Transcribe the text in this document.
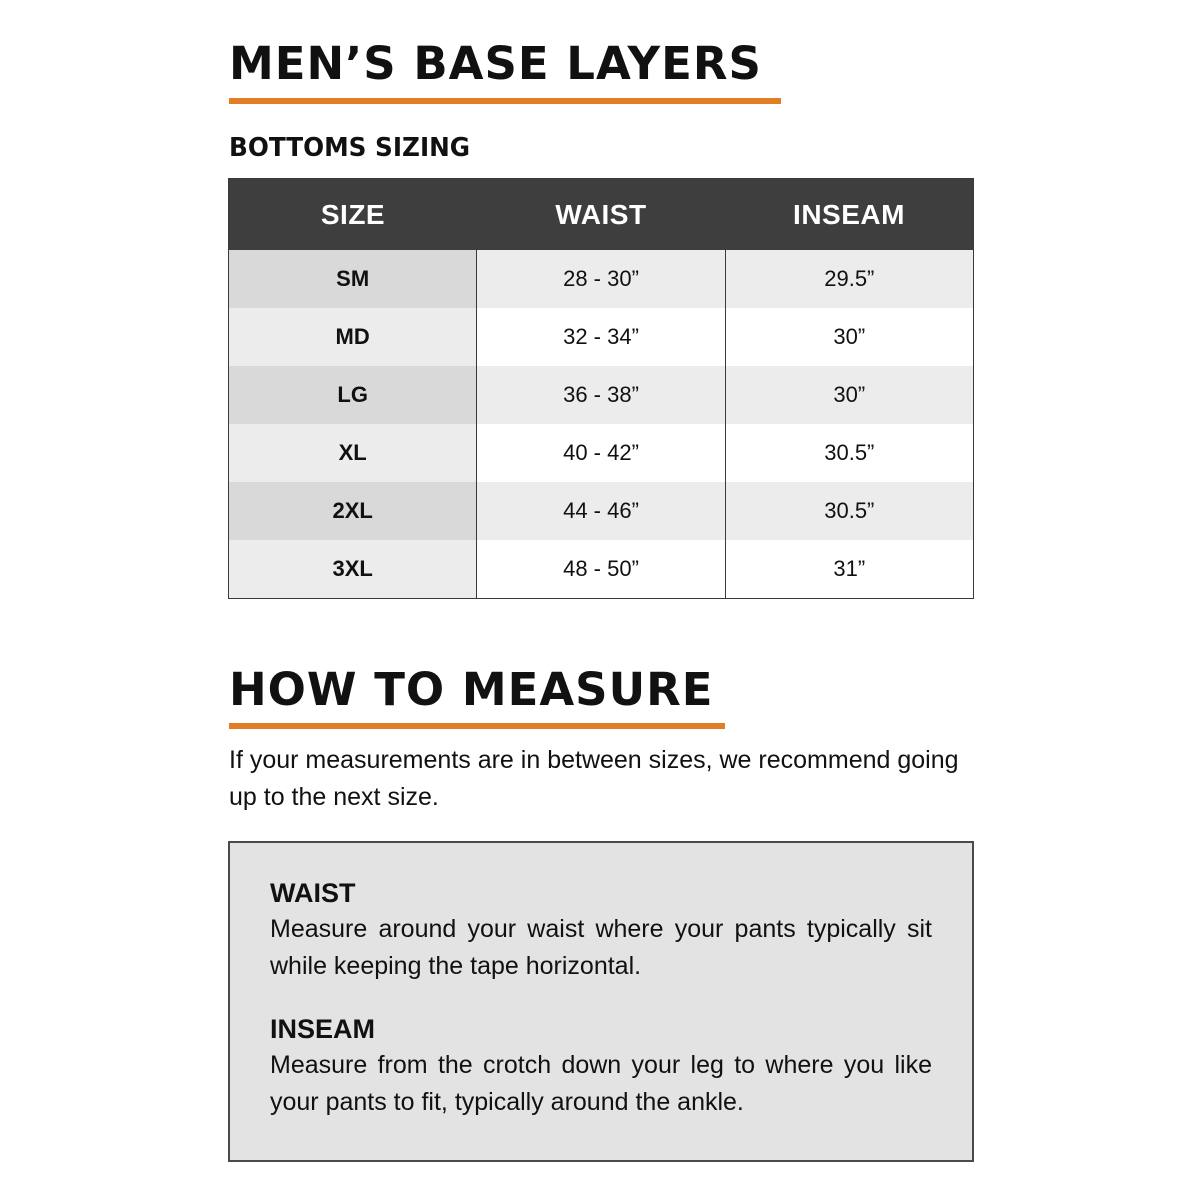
MEN’S BASE LAYERS
BOTTOMS SIZING
SIZE	WAIST	INSEAM
SM	28 - 30”	29.5”
MD	32 - 34”	30”
LG	36 - 38”	30”
XL	40 - 42”	30.5”
2XL	44 - 46”	30.5”
3XL	48 - 50”	31”
HOW TO MEASURE

If your measurements are in between sizes, we recommend going up to the next size.

WAIST

Measure around your waist where your pants typically sit while keeping the tape horizontal.

INSEAM

Measure from the crotch down your leg to where you like your pants to fit, typically around the ankle.
